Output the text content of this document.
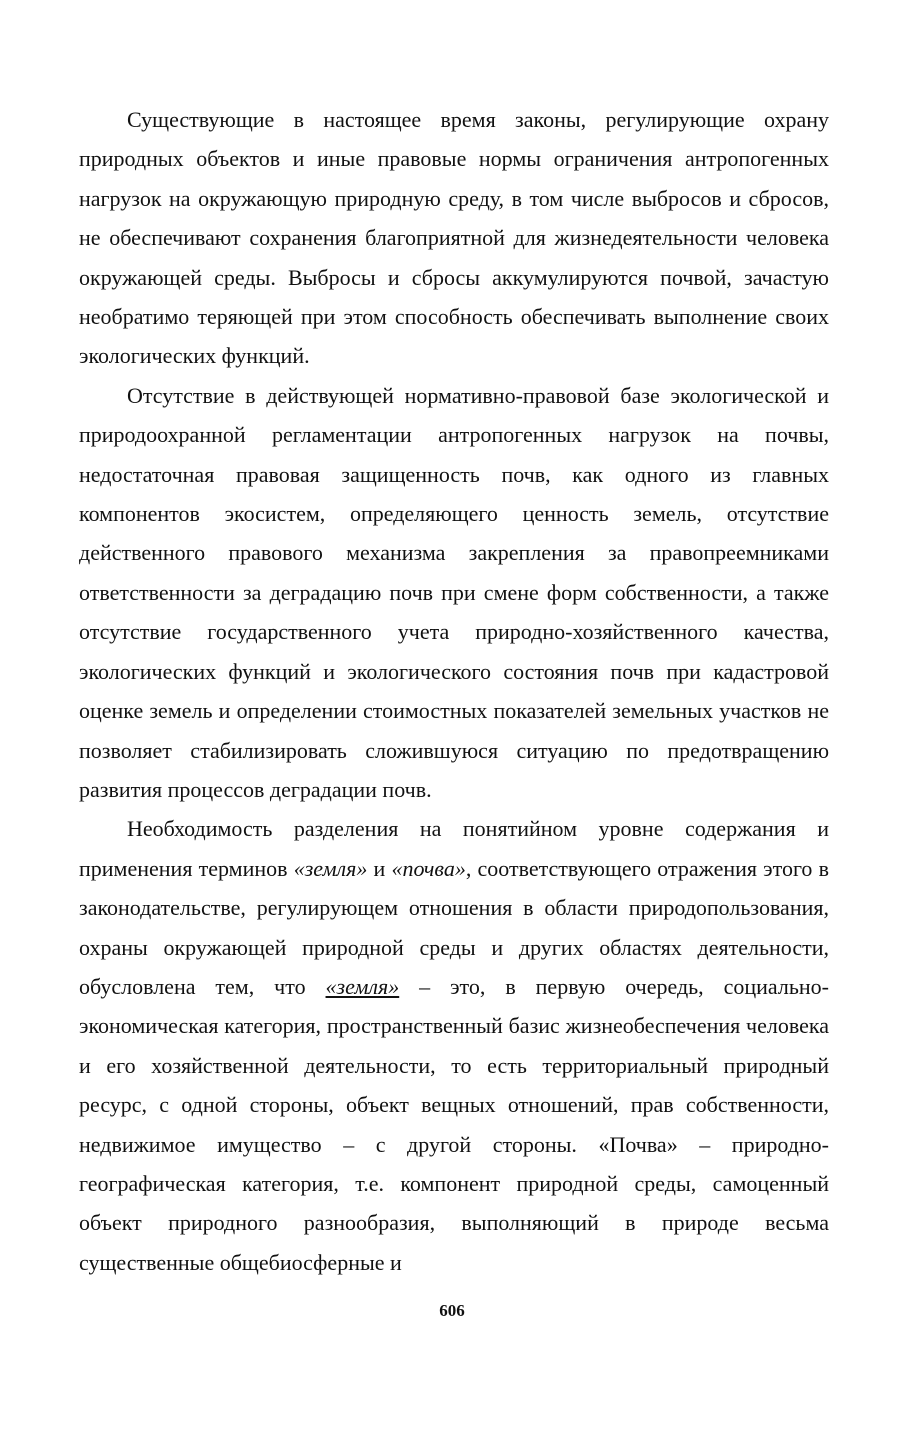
Существующие в настоящее время законы, регулирующие охрану природных объектов и иные правовые нормы ограничения антропогенных нагрузок на окружающую природную среду, в том числе выбросов и сбросов, не обеспечивают сохранения благоприятной для жизнедеятельности человека окружающей среды. Выбросы и сбросы аккумулируются почвой, зачастую необратимо теряющей при этом способность обеспечивать выполнение своих экологических функций.

Отсутствие в действующей нормативно-правовой базе экологической и природоохранной регламентации антропогенных нагрузок на почвы, недостаточная правовая защищенность почв, как одного из главных компонентов экосистем, определяющего ценность земель, отсутствие действенного правового механизма закрепления за правопреемниками ответственности за деградацию почв при смене форм собственности, а также отсутствие государственного учета природно-хозяйственного качества, экологических функций и экологического состояния почв при кадастровой оценке земель и определении стоимостных показателей земельных участков не позволяет стабилизировать сложившуюся ситуацию по предотвращению развития процессов деградации почв.

Необходимость разделения на понятийном уровне содержания и применения терминов «земля» и «почва», соответствующего отражения этого в законодательстве, регулирующем отношения в области природопользования, охраны окружающей природной среды и других областях деятельности, обусловлена тем, что «земля» – это, в первую очередь, социально-экономическая категория, пространственный базис жизнеобеспечения человека и его хозяйственной деятельности, то есть территориальный природный ресурс, с одной стороны, объект вещных отношений, прав собственности, недвижимое имущество – с другой стороны. «Почва» – природно-географическая категория, т.е. компонент природной среды, самоценный объект природного разнообразия, выполняющий в природе весьма существенные общебиосферные и

606
